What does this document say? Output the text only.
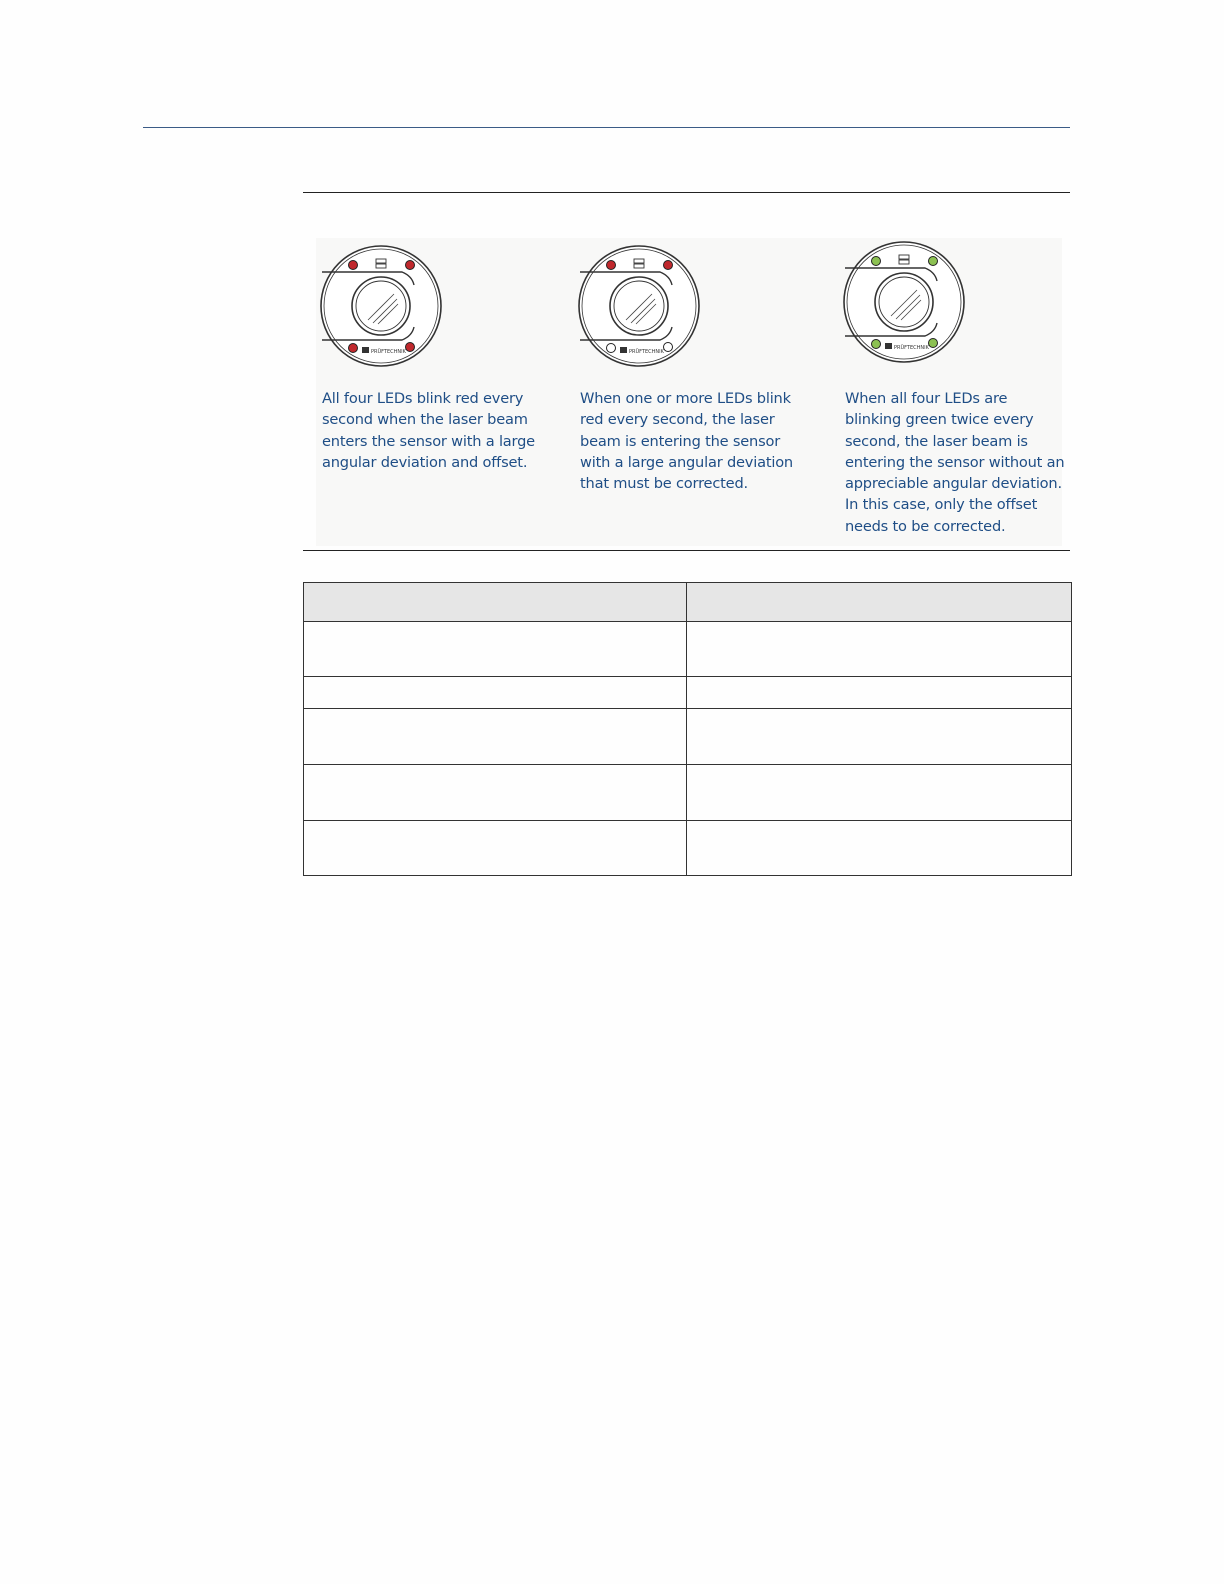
PRÜFTECHNIK	PRÜFTECHNIK
PRÜFTECHNIK

All four LEDs blink red every
second when the laser beam
enters the sensor with a large
angular deviation and offset.

When one or more LEDs blink
red every second, the laser
beam is entering the sensor
with a large angular deviation
that must be corrected.

When all four LEDs are
blinking green twice every
second, the laser beam is
entering the sensor without an
appreciable angular deviation.
In this case, only the offset
needs to be corrected.
